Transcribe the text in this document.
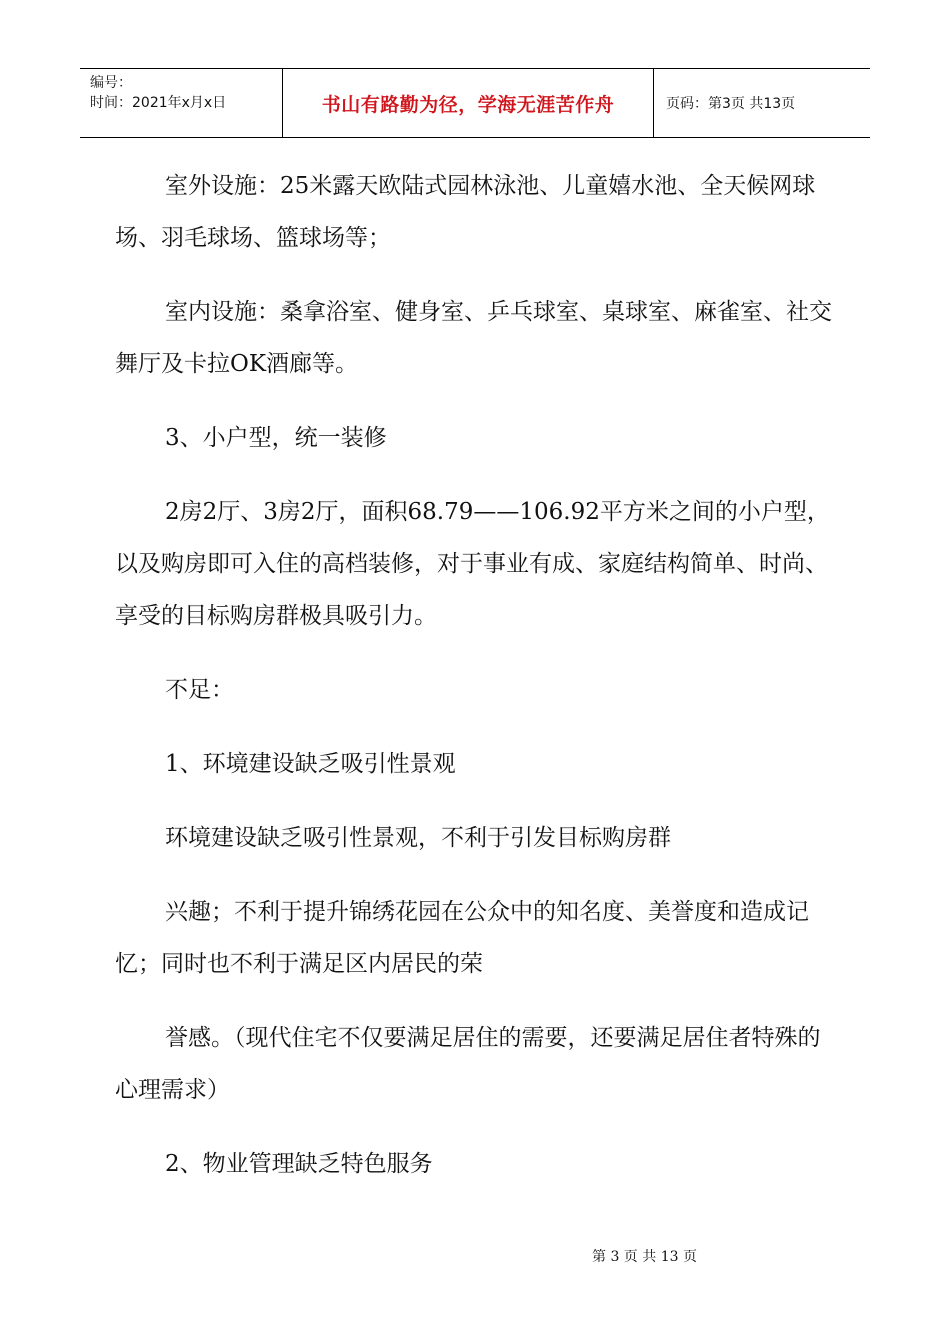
编号：
时间：2021年x月x日	书山有路勤为径，学海无涯苦作舟	页码：第3页 共13页

室外设施：25米露天欧陆式园林泳池、儿童嬉水池、全天候网球场、羽毛球场、篮球场等；

室内设施：桑拿浴室、健身室、乒乓球室、桌球室、麻雀室、社交舞厅及卡拉OK酒廊等。

3、小户型，统一装修

2房2厅、3房2厅，面积68.79——106.92平方米之间的小户型，以及购房即可入住的高档装修，对于事业有成、家庭结构简单、时尚、享受的目标购房群极具吸引力。

不足：

1、环境建设缺乏吸引性景观

环境建设缺乏吸引性景观，不利于引发目标购房群

兴趣；不利于提升锦绣花园在公众中的知名度、美誉度和造成记忆；同时也不利于满足区内居民的荣

誉感。（现代住宅不仅要满足居住的需要，还要满足居住者特殊的心理需求）

2、物业管理缺乏特色服务

第 3 页 共 13 页
